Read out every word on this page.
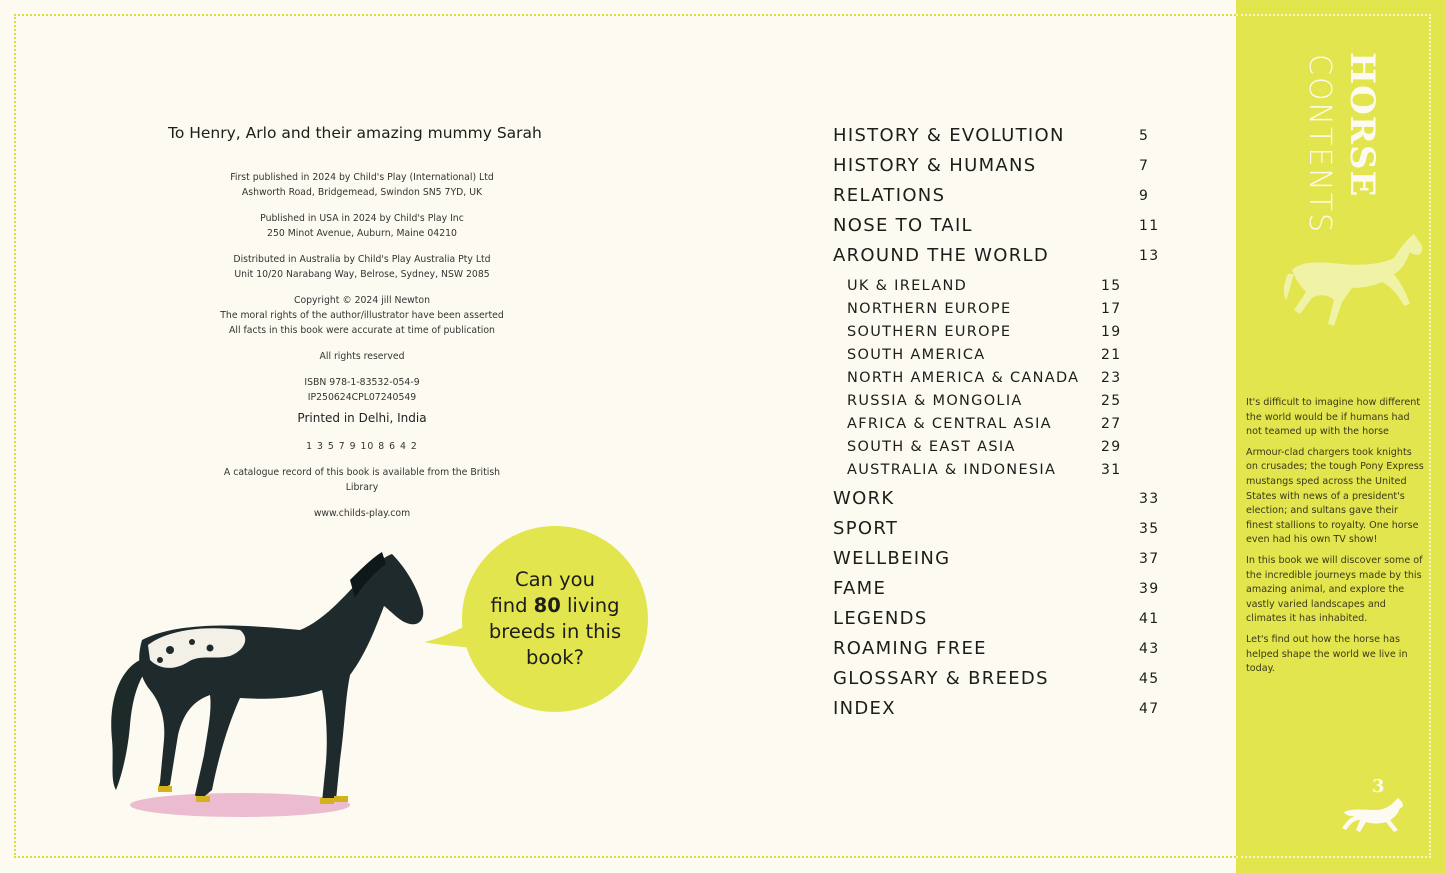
To Henry, Arlo and their amazing mummy Sarah
First published in 2024 by Child's Play (International) Ltd
Ashworth Road, Bridgemead, Swindon SN5 7YD, UK
Published in USA in 2024 by Child's Play Inc
250 Minot Avenue, Auburn, Maine 04210
Distributed in Australia by Child's Play Australia Pty Ltd
Unit 10/20 Narabang Way, Belrose, Sydney, NSW 2085
Copyright © 2024 jill Newton
The moral rights of the author/illustrator have been asserted
All facts in this book were accurate at time of publication
All rights reserved
ISBN 978-1-83532-054-9
IP250624CPL07240549
Printed in Delhi, India
1 3 5 7 9 10 8 6 4 2
A catalogue record of this book is available from the British Library
www.childs-play.com
Can you
find 80 living
breeds in this
book?
HISTORY & EVOLUTION	5
HISTORY & HUMANS	7
RELATIONS	9
NOSE TO TAIL	11
AROUND THE WORLD	13
UK & IRELAND	15
NORTHERN EUROPE	17
SOUTHERN EUROPE	19
SOUTH AMERICA	21
NORTH AMERICA & CANADA 23
RUSSIA & MONGOLIA	25
AFRICA & CENTRAL ASIA	27
SOUTH & EAST ASIA	29
AUSTRALIA & INDONESIA	31
WORK	33
SPORT	35
WELLBEING	37
FAME	39
LEGENDS	41
ROAMING FREE	43
GLOSSARY & BREEDS	45
INDEX	47
HORSE
CONTENTS

It's difficult to imagine how different the world would be if humans had not teamed up with the horse

Armour-clad chargers took knights on crusades; the tough Pony Express mustangs sped across the United States with news of a president's election; and sultans gave their finest stallions to royalty. One horse even had his own TV show!

In this book we will discover some of the incredible journeys made by this amazing animal, and explore the vastly varied landscapes and climates it has inhabited.

Let's find out how the horse has helped shape the world we live in today.

3
